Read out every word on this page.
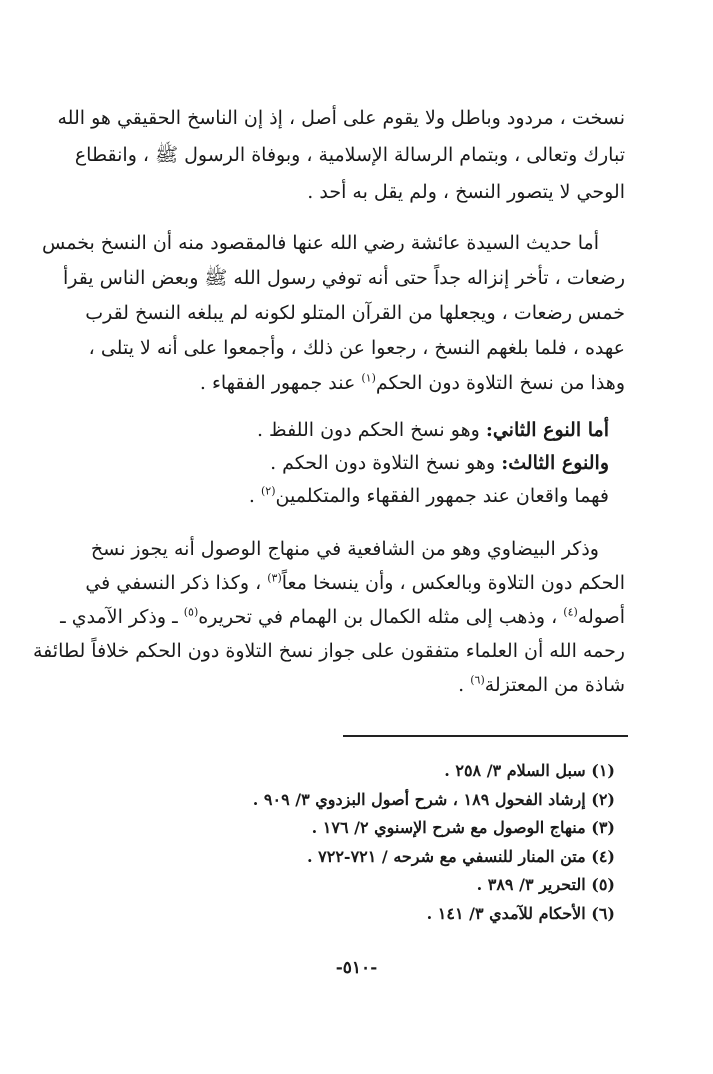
نسخت ، مردود وباطل ولا يقوم على أصل ، إذ إن الناسخ الحقيقي هو الله
تبارك وتعالى ، وبتمام الرسالة الإسلامية ، وبوفاة الرسول ﷺ ، وانقطاع
الوحي لا يتصور النسخ ، ولم يقل به أحد .
أما حديث السيدة عائشة رضي الله عنها فالمقصود منه أن النسخ بخمس
رضعات ، تأخر إنزاله جداً حتى أنه توفي رسول الله ﷺ وبعض الناس يقرأ
خمس رضعات ، ويجعلها من القرآن المتلو لكونه لم يبلغه النسخ لقرب
عهده ، فلما بلغهم النسخ ، رجعوا عن ذلك ، وأجمعوا على أنه لا يتلى ،
وهذا من نسخ التلاوة دون الحكم$^{(١)}$ عند جمهور الفقهاء .
أما النوع الثاني: وهو نسخ الحكم دون اللفظ .
والنوع الثالث: وهو نسخ التلاوة دون الحكم .
فهما واقعان عند جمهور الفقهاء والمتكلمين$^{(٢)}$ .
وذكر البيضاوي وهو من الشافعية في منهاج الوصول أنه يجوز نسخ
الحكم دون التلاوة وبالعكس ، وأن ينسخا معاً$^{(٣)}$ ، وكذا ذكر النسفي في
أصوله$^{(٤)}$ ، وذهب إلى مثله الكمال بن الهمام في تحريره$^{(٥)}$ ـ وذكر الآمدي ـ
رحمه الله أن العلماء متفقون على جواز نسخ التلاوة دون الحكم خلافاً لطائفة
شاذة من المعتزلة$^{(٦)}$ .
(١) سبل السلام ٣/ ٢٥٨ .
(٢) إرشاد الفحول ١٨٩ ، شرح أصول البزدوي ٣/ ٩٠٩ .
(٣) منهاج الوصول مع شرح الإسنوي ٢/ ١٧٦ .
(٤) متن المنار للنسفي مع شرحه / ٧٢١-٧٢٢ .
(٥) التحرير ٣/ ٣٨٩ .
(٦) الأحكام للآمدي ٣/ ١٤١ .
-٥١٠-
